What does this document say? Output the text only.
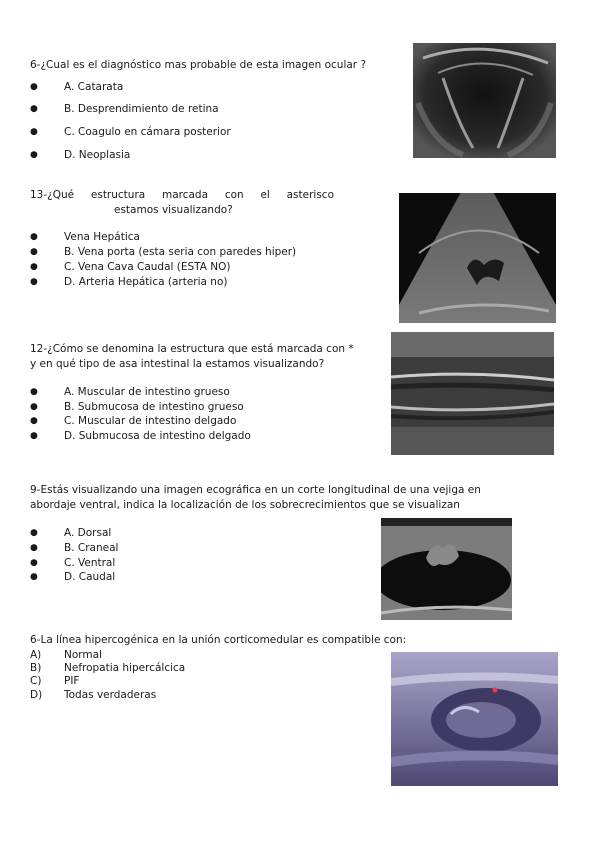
6-¿Cual es el diagnóstico mas probable de esta imagen ocular ?
● A. Catarata
● B. Desprendimiento de retina
● C. Coagulo en cámara posterior
● D. Neoplasia
13-¿Qué estructura marcada con el asterisco
estamos visualizando?
● Vena Hepática
● B. Vena porta (esta seria con paredes hiper)
● C. Vena Cava Caudal (ESTA NO)
● D. Arteria Hepática (arteria no)
12-¿Cómo se denomina la estructura que está marcada con *
y en qué tipo de asa intestinal la estamos visualizando?
● A. Muscular de intestino grueso
● B. Submucosa de intestino grueso
● C. Muscular de intestino delgado
● D. Submucosa de intestino delgado
9-Estás visualizando una imagen ecográfica en un corte longitudinal de una vejiga en
abordaje ventral, indica la localización de los sobrecrecimientos que se visualizan
● A. Dorsal
● B. Craneal
● C. Ventral
● D. Caudal
6-La línea hipercogénica en la unión corticomedular es compatible con:
A) Normal
B) Nefropatia hipercálcica
C) PIF
D) Todas verdaderas
